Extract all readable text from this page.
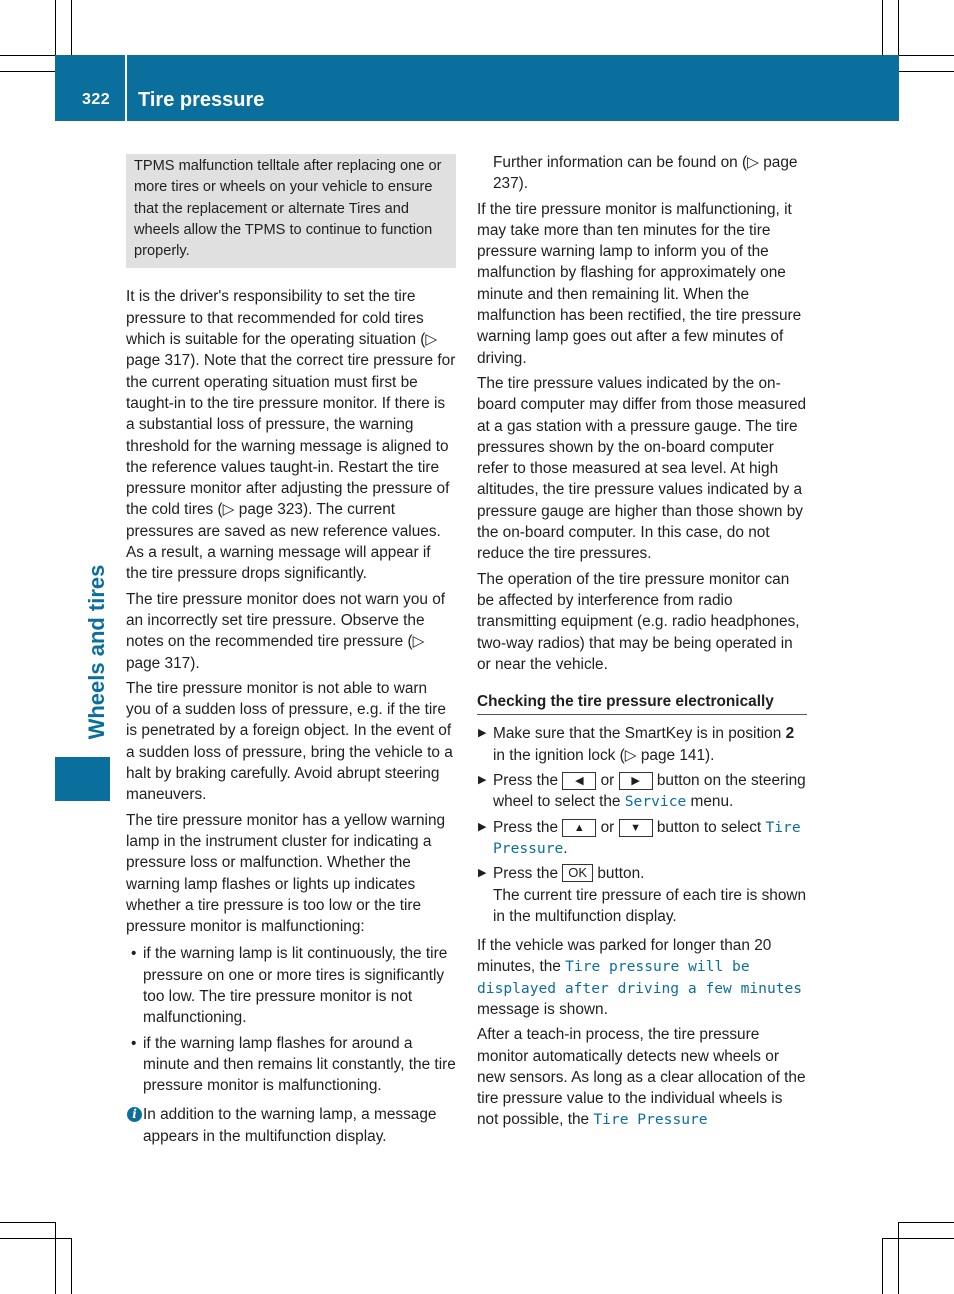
322 Tire pressure
Wheels and tires
TPMS malfunction telltale after replacing one or more tires or wheels on your vehicle to ensure that the replacement or alternate Tires and wheels allow the TPMS to continue to function properly.

It is the driver's responsibility to set the tire pressure to that recommended for cold tires which is suitable for the operating situation (▷ page 317). Note that the correct tire pressure for the current operating situation must first be taught-in to the tire pressure monitor. If there is a substantial loss of pressure, the warning threshold for the warning message is aligned to the reference values taught-in. Restart the tire pressure monitor after adjusting the pressure of the cold tires (▷ page 323). The current pressures are saved as new reference values. As a result, a warning message will appear if the tire pressure drops significantly.

The tire pressure monitor does not warn you of an incorrectly set tire pressure. Observe the notes on the recommended tire pressure (▷ page 317).

The tire pressure monitor is not able to warn you of a sudden loss of pressure, e.g. if the tire is penetrated by a foreign object. In the event of a sudden loss of pressure, bring the vehicle to a halt by braking carefully. Avoid abrupt steering maneuvers.

The tire pressure monitor has a yellow warning lamp in the instrument cluster for indicating a pressure loss or malfunction. Whether the warning lamp flashes or lights up indicates whether a tire pressure is too low or the tire pressure monitor is malfunctioning:

• if the warning lamp is lit continuously, the tire pressure on one or more tires is significantly too low. The tire pressure monitor is not malfunctioning.
• if the warning lamp flashes for around a minute and then remains lit constantly, the tire pressure monitor is malfunctioning.
i In addition to the warning lamp, a message appears in the multifunction display.

Further information can be found on (▷ page 237).

If the tire pressure monitor is malfunctioning, it may take more than ten minutes for the tire pressure warning lamp to inform you of the malfunction by flashing for approximately one minute and then remaining lit. When the malfunction has been rectified, the tire pressure warning lamp goes out after a few minutes of driving.

The tire pressure values indicated by the on-board computer may differ from those measured at a gas station with a pressure gauge. The tire pressures shown by the on-board computer refer to those measured at sea level. At high altitudes, the tire pressure values indicated by a pressure gauge are higher than those shown by the on-board computer. In this case, do not reduce the tire pressures.

The operation of the tire pressure monitor can be affected by interference from radio transmitting equipment (e.g. radio headphones, two-way radios) that may be being operated in or near the vehicle.

Checking the tire pressure electronically
▶ Make sure that the SmartKey is in position 2 in the ignition lock (▷ page 141).
▶ Press the ◀ or ▶ button on the steering wheel to select the Service menu.
▶ Press the ▲ or ▼ button to select Tire Pressure.
▶ Press the OK button.
The current tire pressure of each tire is shown in the multifunction display.

If the vehicle was parked for longer than 20 minutes, the Tire pressure will be displayed after driving a few minutes message is shown.

After a teach-in process, the tire pressure monitor automatically detects new wheels or new sensors. As long as a clear allocation of the tire pressure value to the individual wheels is not possible, the Tire Pressure
